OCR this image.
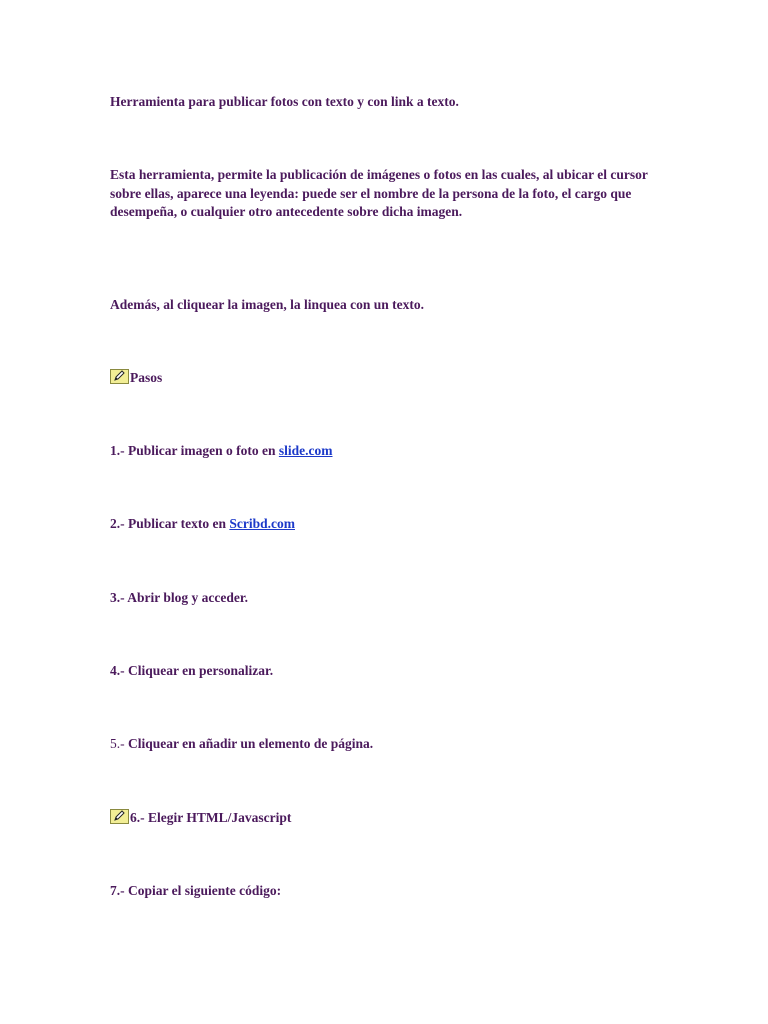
Herramienta para publicar fotos con texto y con link a texto.

Esta herramienta, permite la publicación de imágenes o fotos en las cuales, al ubicar el cursor sobre ellas, aparece una leyenda: puede ser el nombre de la persona de la foto, el cargo que desempeña, o cualquier otro antecedente sobre dicha imagen.

Además, al cliquear la imagen, la linquea con un texto.

Pasos

1.- Publicar imagen o foto en slide.com

2.- Publicar texto en Scribd.com

3.- Abrir blog y acceder.

4.- Cliquear en personalizar.

5.- Cliquear en añadir un elemento de página.

6.- Elegir HTML/Javascript

7.- Copiar el siguiente código:
